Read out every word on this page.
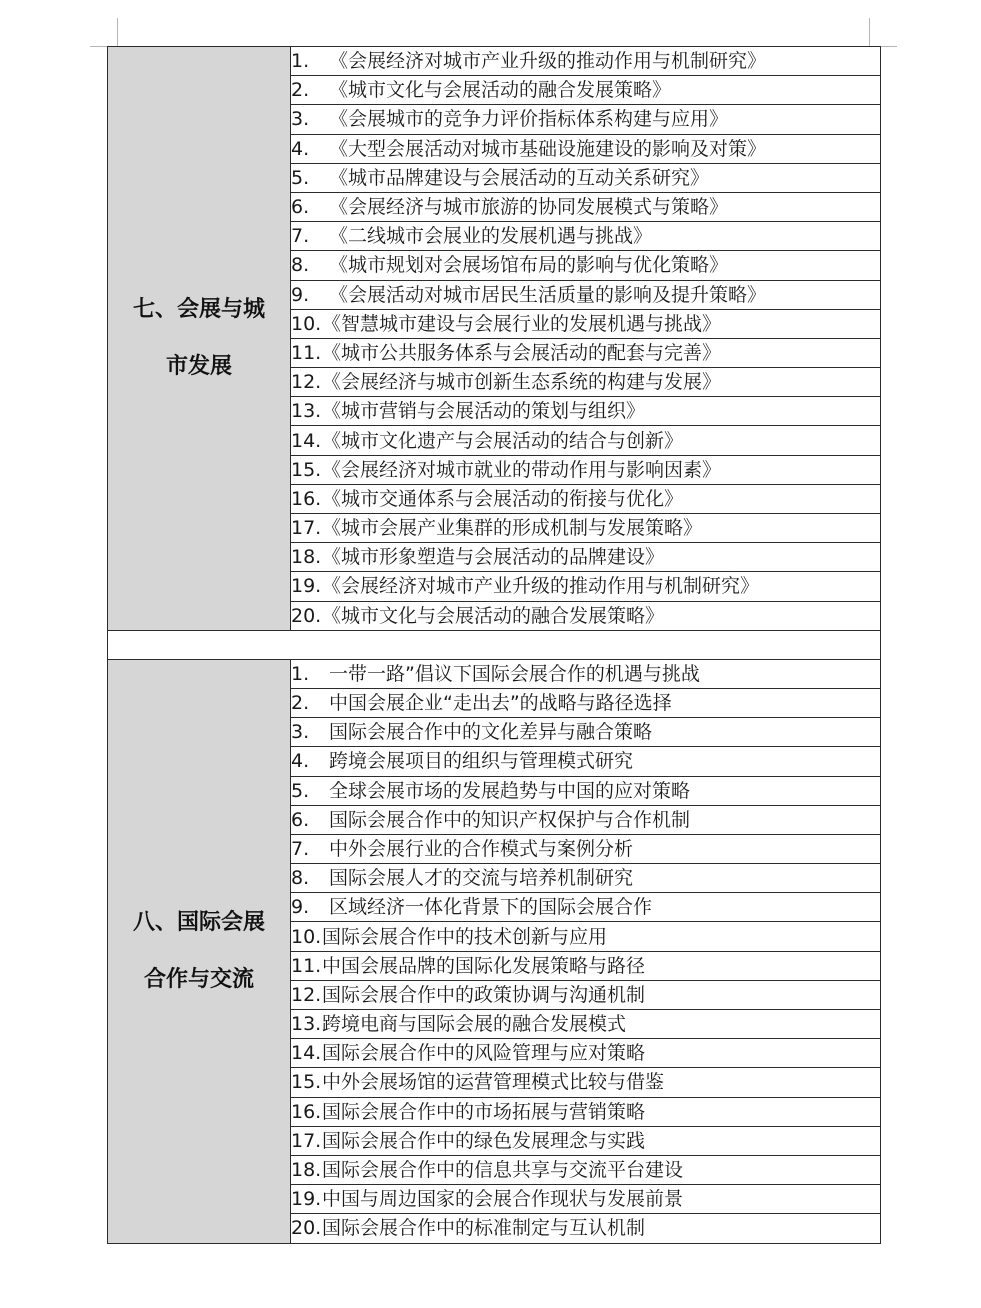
七、会展与城
市发展	1. 《会展经济对城市产业升级的推动作用与机制研究》
	2. 《城市文化与会展活动的融合发展策略》
	3. 《会展城市的竞争力评价指标体系构建与应用》
	4. 《大型会展活动对城市基础设施建设的影响及对策》
	5. 《城市品牌建设与会展活动的互动关系研究》
	6. 《会展经济与城市旅游的协同发展模式与策略》
	7. 《二线城市会展业的发展机遇与挑战》
	8. 《城市规划对会展场馆布局的影响与优化策略》
	9. 《会展活动对城市居民生活质量的影响及提升策略》
	10.《智慧城市建设与会展行业的发展机遇与挑战》
	11.《城市公共服务体系与会展活动的配套与完善》
	12.《会展经济与城市创新生态系统的构建与发展》
	13.《城市营销与会展活动的策划与组织》
	14.《城市文化遗产与会展活动的结合与创新》
	15.《会展经济对城市就业的带动作用与影响因素》
	16.《城市交通体系与会展活动的衔接与优化》
	17.《城市会展产业集群的形成机制与发展策略》
	18.《城市形象塑造与会展活动的品牌建设》
	19.《会展经济对城市产业升级的推动作用与机制研究》
	20.《城市文化与会展活动的融合发展策略》

八、国际会展
合作与交流	1. 一带一路”倡议下国际会展合作的机遇与挑战
	2. 中国会展企业“走出去”的战略与路径选择
	3. 国际会展合作中的文化差异与融合策略
	4. 跨境会展项目的组织与管理模式研究
	5. 全球会展市场的发展趋势与中国的应对策略
	6. 国际会展合作中的知识产权保护与合作机制
	7. 中外会展行业的合作模式与案例分析
	8. 国际会展人才的交流与培养机制研究
	9. 区域经济一体化背景下的国际会展合作
	10.国际会展合作中的技术创新与应用
	11.中国会展品牌的国际化发展策略与路径
	12.国际会展合作中的政策协调与沟通机制
	13.跨境电商与国际会展的融合发展模式
	14.国际会展合作中的风险管理与应对策略
	15.中外会展场馆的运营管理模式比较与借鉴
	16.国际会展合作中的市场拓展与营销策略
	17.国际会展合作中的绿色发展理念与实践
	18.国际会展合作中的信息共享与交流平台建设
	19.中国与周边国家的会展合作现状与发展前景
	20.国际会展合作中的标准制定与互认机制
